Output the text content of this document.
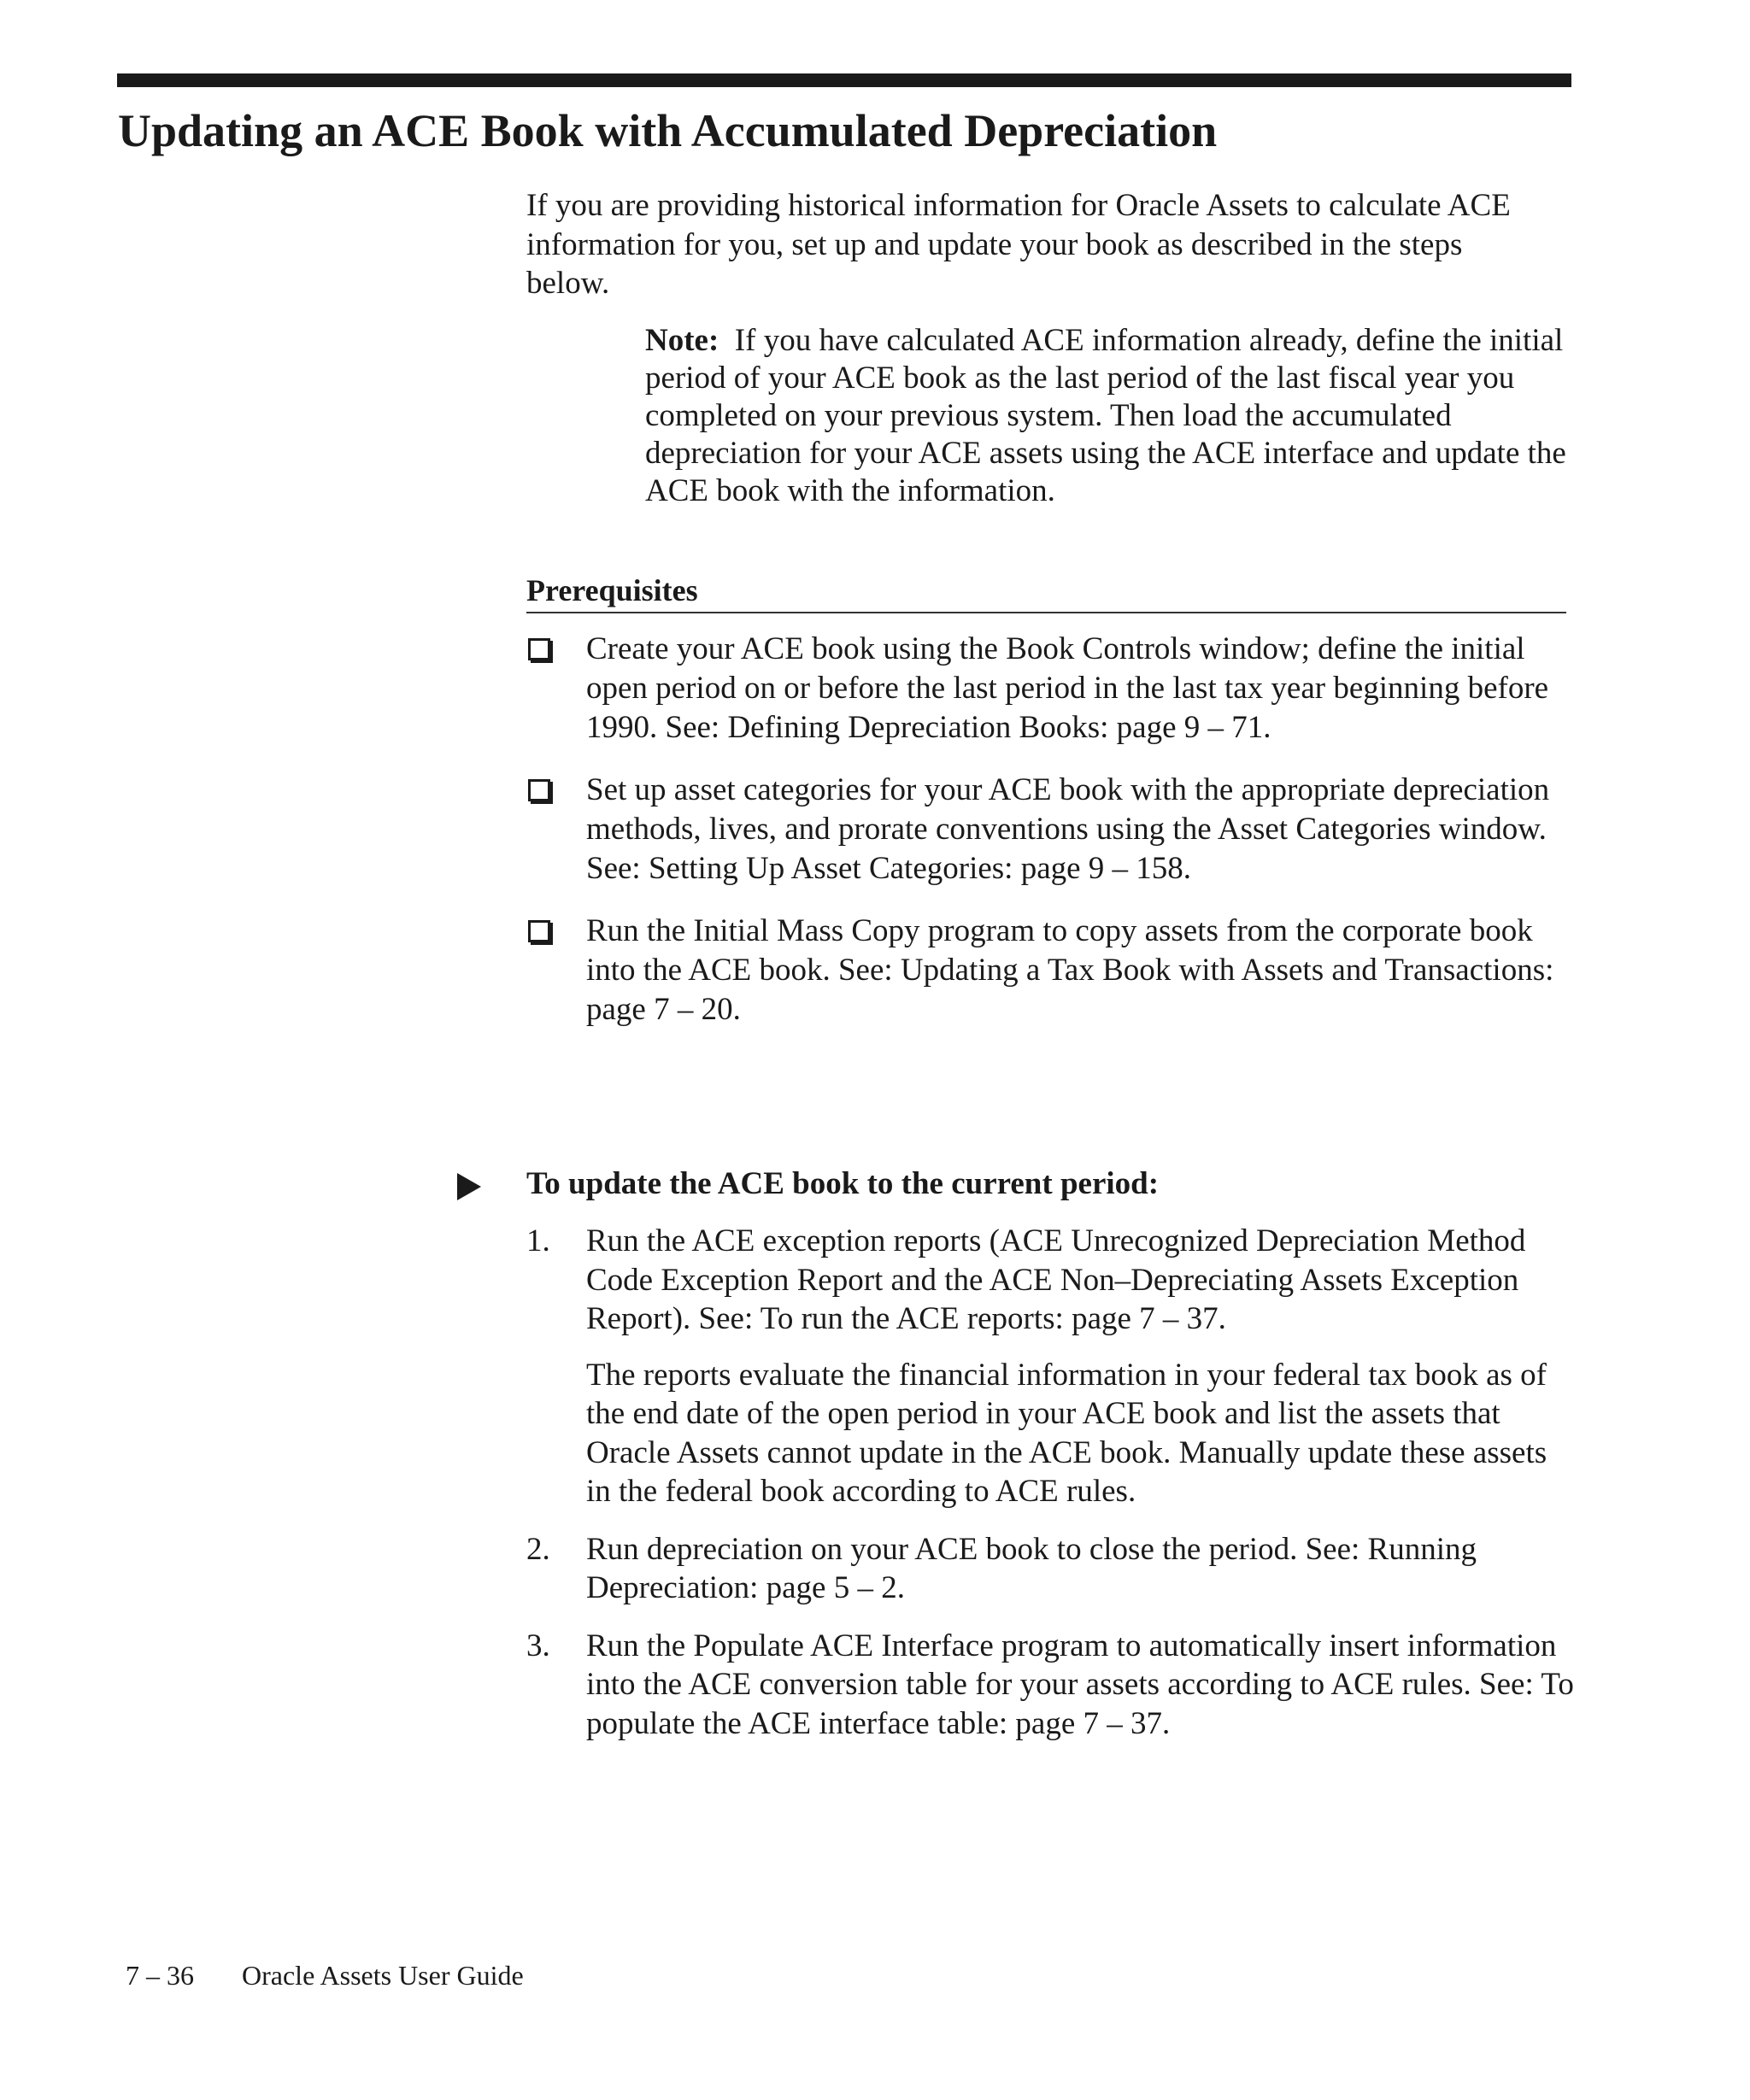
Updating an ACE Book with Accumulated Depreciation

If you are providing historical information for Oracle Assets to calculate ACE information for you, set up and update your book as described in the steps below.

Note: If you have calculated ACE information already, define the initial period of your ACE book as the last period of the last fiscal year you completed on your previous system. Then load the accumulated depreciation for your ACE assets using the ACE interface and update the ACE book with the information.

Prerequisites
Create your ACE book using the Book Controls window; define the initial open period on or before the last period in the last tax year beginning before 1990. See: Defining Depreciation Books: page 9 – 71.
Set up asset categories for your ACE book with the appropriate depreciation methods, lives, and prorate conventions using the Asset Categories window. See: Setting Up Asset Categories: page 9 – 158.
Run the Initial Mass Copy program to copy assets from the corporate book into the ACE book. See: Updating a Tax Book with Assets and Transactions: page 7 – 20.
To update the ACE book to the current period:
1. Run the ACE exception reports (ACE Unrecognized Depreciation Method Code Exception Report and the ACE Non–Depreciating Assets Exception Report). See: To run the ACE reports: page 7 – 37.

The reports evaluate the financial information in your federal tax book as of the end date of the open period in your ACE book and list the assets that Oracle Assets cannot update in the ACE book. Manually update these assets in the federal book according to ACE rules.

2. Run depreciation on your ACE book to close the period. See: Running Depreciation: page 5 – 2.
3. Run the Populate ACE Interface program to automatically insert information into the ACE conversion table for your assets according to ACE rules. See: To populate the ACE interface table: page 7 – 37.
7 – 36 Oracle Assets User Guide
